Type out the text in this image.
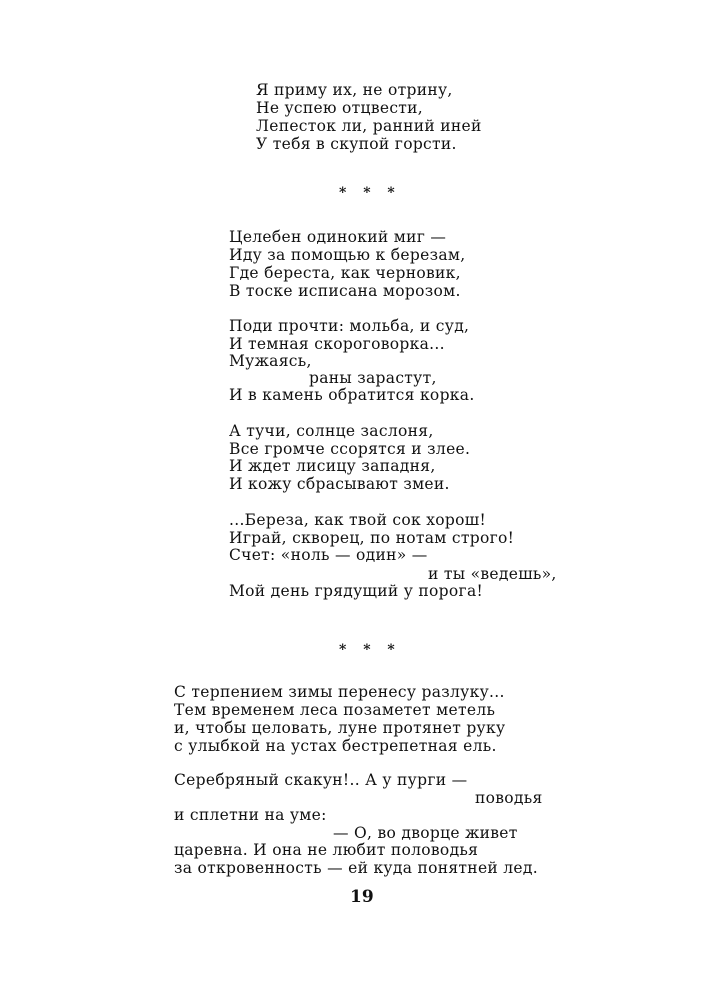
Я приму их, не отрину,
Не успею отцвести,
Лепесток ли, ранний иней
У тебя в скупой горсти.
* * *
Целебен одинокий миг —
Иду за помощью к березам,
Где береста, как черновик,
В тоске исписана морозом.
Поди прочти: мольба, и суд,
И темная скороговорка...
Мужаясь,
раны зарастут,
И в камень обратится корка.
А тучи, солнце заслоня,
Все громче ссорятся и злее.
И ждет лисицу западня,
И кожу сбрасывают змеи.
...Береза, как твой сок хорош!
Играй, скворец, по нотам строго!
Счет: «ноль — один» —
и ты «ведешь»,
Мой день грядущий у порога!
* * *
С терпением зимы перенесу разлуку...
Тем временем леса позаметет метель
и, чтобы целовать, луне протянет руку
с улыбкой на устах бестрепетная ель.
Серебряный скакун!.. А у пурги —
поводья
и сплетни на уме:
— О, во дворце живет
царевна. И она не любит половодья
за откровенность — ей куда понятней лед.
19
